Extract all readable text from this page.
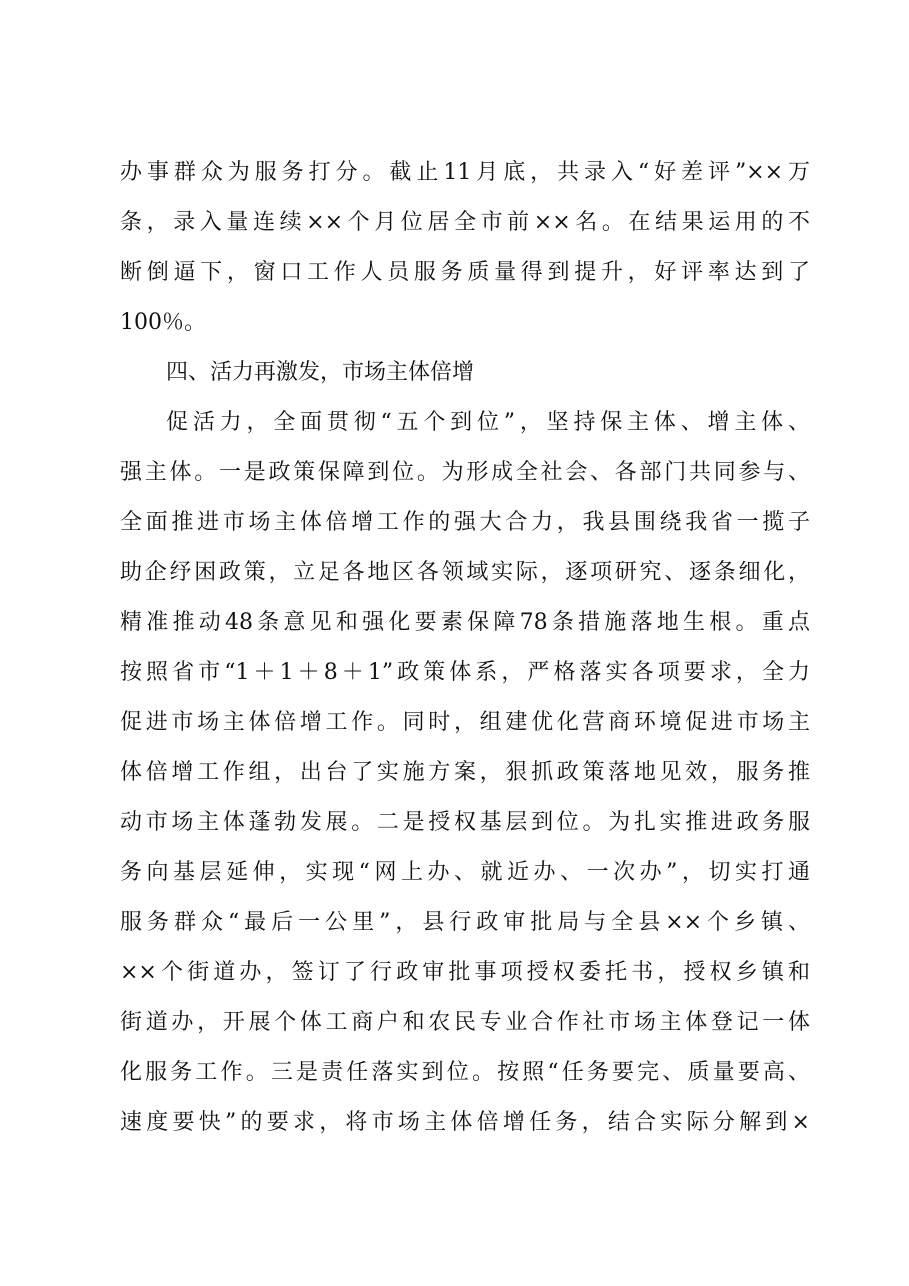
办事群众为服务打分。截止11月底，共录入“好差评”××万
条，录入量连续××个月位居全市前××名。在结果运用的不
断倒逼下，窗口工作人员服务质量得到提升，好评率达到了
100％。
四、活力再激发，市场主体倍增
促活力，全面贯彻“五个到位”，坚持保主体、增主体、
强主体。一是政策保障到位。为形成全社会、各部门共同参与、
全面推进市场主体倍增工作的强大合力，我县围绕我省一揽子
助企纾困政策，立足各地区各领域实际，逐项研究、逐条细化，
精准推动48条意见和强化要素保障78条措施落地生根。重点
按照省市“1＋1＋8＋1”政策体系，严格落实各项要求，全力
促进市场主体倍增工作。同时，组建优化营商环境促进市场主
体倍增工作组，出台了实施方案，狠抓政策落地见效，服务推
动市场主体蓬勃发展。二是授权基层到位。为扎实推进政务服
务向基层延伸，实现“网上办、就近办、一次办”，切实打通
服务群众“最后一公里”，县行政审批局与全县××个乡镇、
××个街道办，签订了行政审批事项授权委托书，授权乡镇和
街道办，开展个体工商户和农民专业合作社市场主体登记一体
化服务工作。三是责任落实到位。按照“任务要完、质量要高、
速度要快”的要求，将市场主体倍增任务，结合实际分解到×
